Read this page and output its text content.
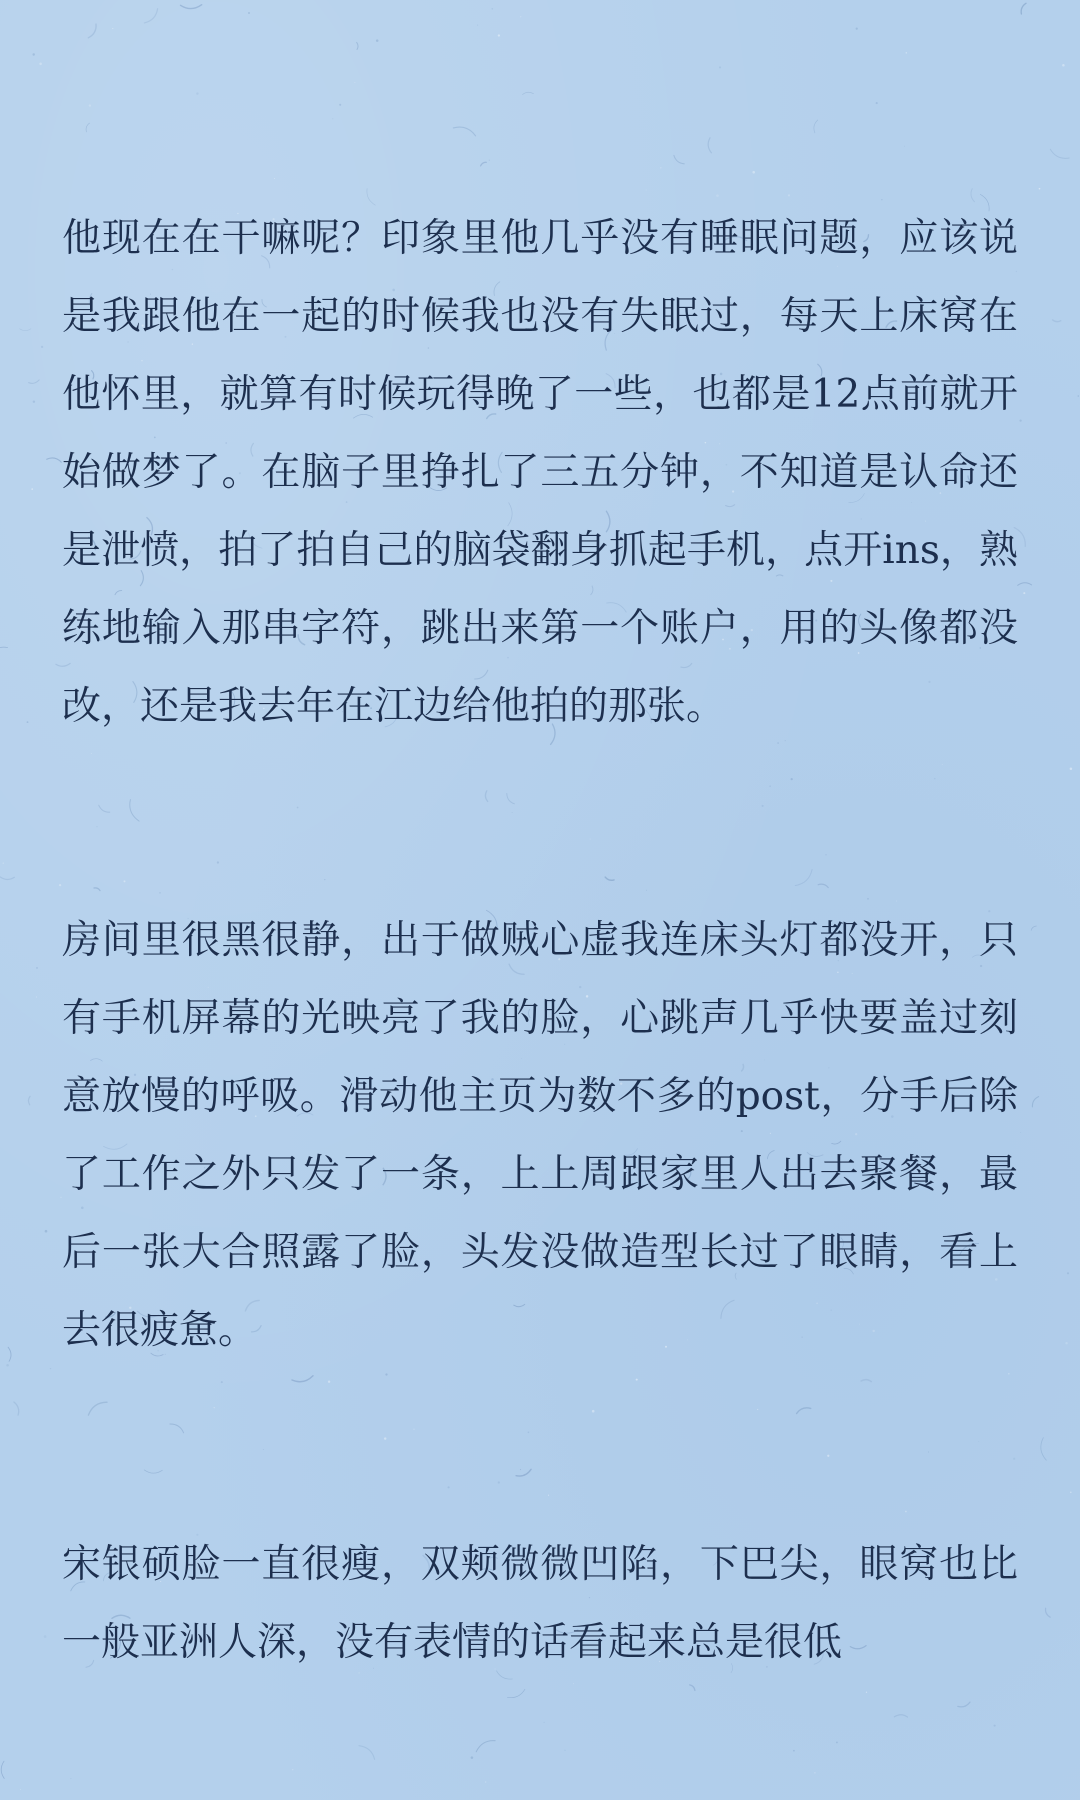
他现在在干嘛呢？印象里他几乎没有睡眠问题，应该说是我跟他在一起的时候我也没有失眠过，每天上床窝在他怀里，就算有时候玩得晚了一些，也都是12点前就开始做梦了。在脑子里挣扎了三五分钟，不知道是认命还是泄愤，拍了拍自己的脑袋翻身抓起手机，点开ins，熟练地输入那串字符，跳出来第一个账户，用的头像都没改，还是我去年在江边给他拍的那张。

房间里很黑很静，出于做贼心虚我连床头灯都没开，只有手机屏幕的光映亮了我的脸，心跳声几乎快要盖过刻意放慢的呼吸。滑动他主页为数不多的post，分手后除了工作之外只发了一条，上上周跟家里人出去聚餐，最后一张大合照露了脸，头发没做造型长过了眼睛，看上去很疲惫。

宋银硕脸一直很瘦，双颊微微凹陷，下巴尖，眼窝也比一般亚洲人深，没有表情的话看起来总是很低
